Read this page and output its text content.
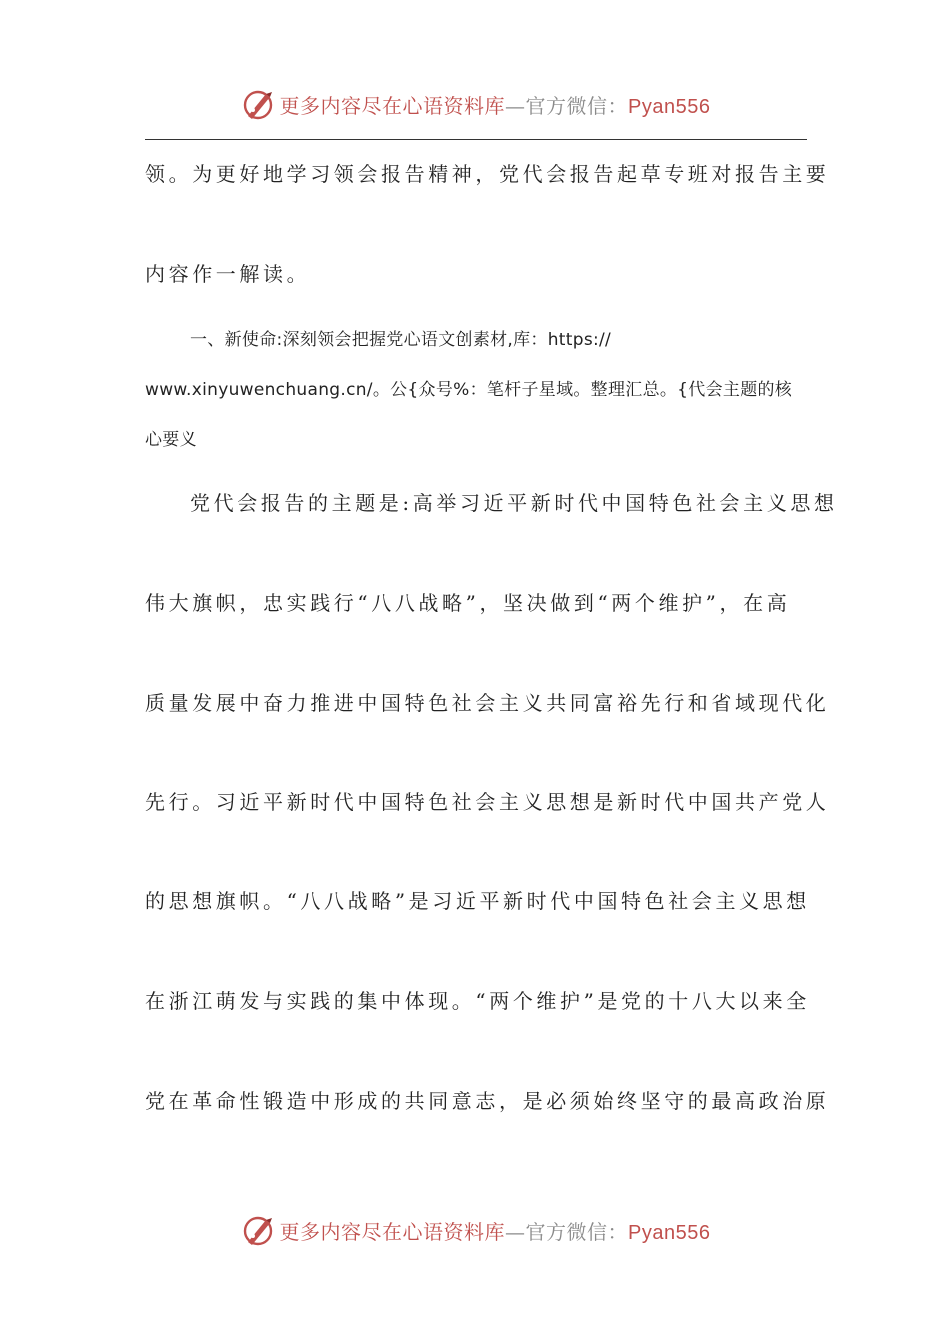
更多内容尽在心语资料库—官方微信：Pyan556
领。为更好地学习领会报告精神，党代会报告起草专班对报告主要
内容作一解读。
一、新使命:深刻领会把握党心语文创素材,库：https://
www.xinyuwenchuang.cn/。公{众号%：笔杆子星域。整理汇总。{代会主题的核
心要义
党代会报告的主题是:高举习近平新时代中国特色社会主义思想
伟大旗帜，忠实践行“八八战略”，坚决做到“两个维护”，在高
质量发展中奋力推进中国特色社会主义共同富裕先行和省域现代化
先行。习近平新时代中国特色社会主义思想是新时代中国共产党人
的思想旗帜。“八八战略”是习近平新时代中国特色社会主义思想
在浙江萌发与实践的集中体现。“两个维护”是党的十八大以来全
党在革命性锻造中形成的共同意志，是必须始终坚守的最高政治原
更多内容尽在心语资料库—官方微信：Pyan556
